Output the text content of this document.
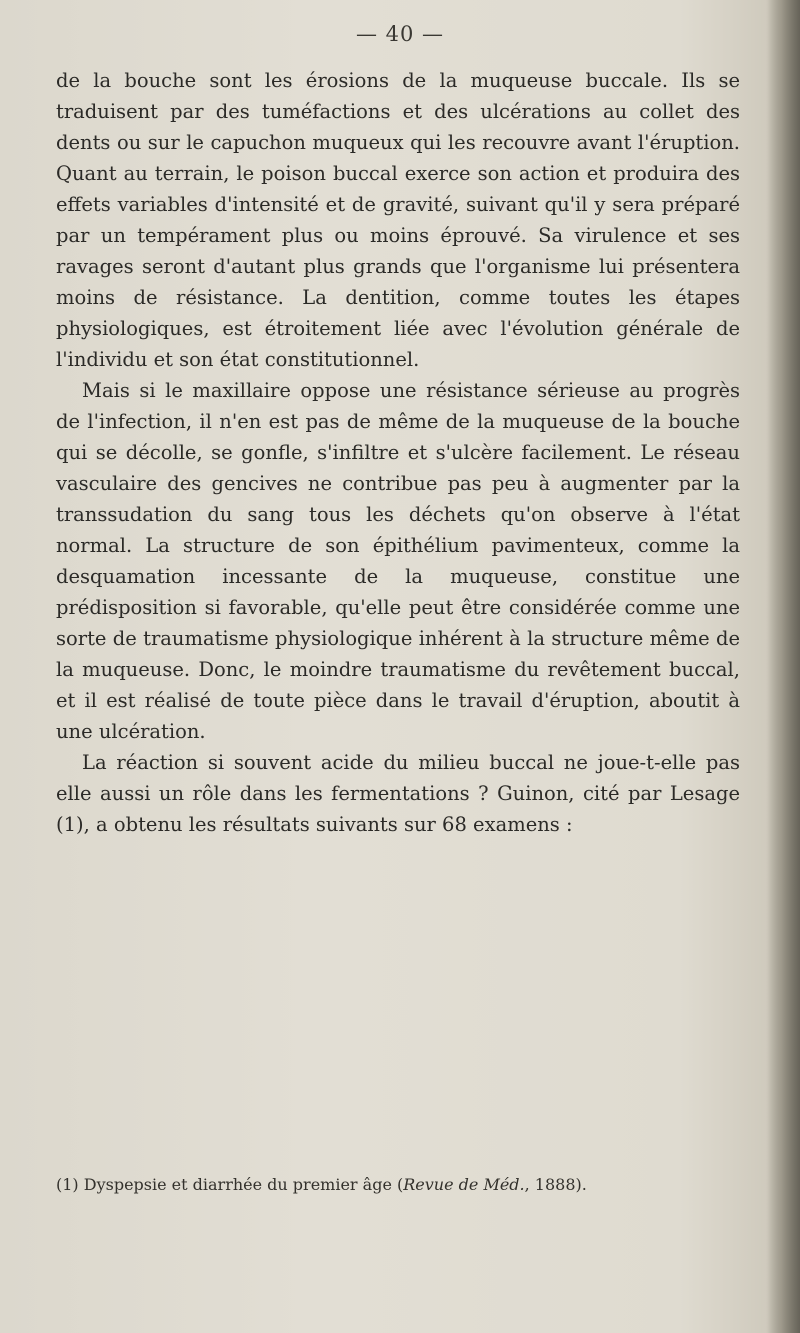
— 40 —

de la bouche sont les érosions de la muqueuse buccale. Ils se traduisent par des tuméfactions et des ulcérations au collet des dents ou sur le capuchon muqueux qui les recouvre avant l'éruption. Quant au terrain, le poison buccal exerce son action et produira des effets variables d'intensité et de gravité, suivant qu'il y sera préparé par un tempérament plus ou moins éprouvé. Sa virulence et ses ravages seront d'autant plus grands que l'organisme lui présentera moins de résistance. La dentition, comme toutes les étapes physiologiques, est étroitement liée avec l'évolution générale de l'individu et son état constitutionnel.

Mais si le maxillaire oppose une résistance sérieuse au progrès de l'infection, il n'en est pas de même de la muqueuse de la bouche qui se décolle, se gonfle, s'infiltre et s'ulcère facilement. Le réseau vasculaire des gencives ne contribue pas peu à augmenter par la transsudation du sang tous les déchets qu'on observe à l'état normal. La structure de son épithélium pavimenteux, comme la desquamation incessante de la muqueuse, constitue une prédisposition si favorable, qu'elle peut être considérée comme une sorte de traumatisme physiologique inhérent à la structure même de la muqueuse. Donc, le moindre traumatisme du revêtement buccal, et il est réalisé de toute pièce dans le travail d'éruption, aboutit à une ulcération.

La réaction si souvent acide du milieu buccal ne joue-t-elle pas elle aussi un rôle dans les fermentations ? Guinon, cité par Lesage (1), a obtenu les résultats suivants sur 68 examens :

(1) Dyspepsie et diarrhée du premier âge (Revue de Méd., 1888).
